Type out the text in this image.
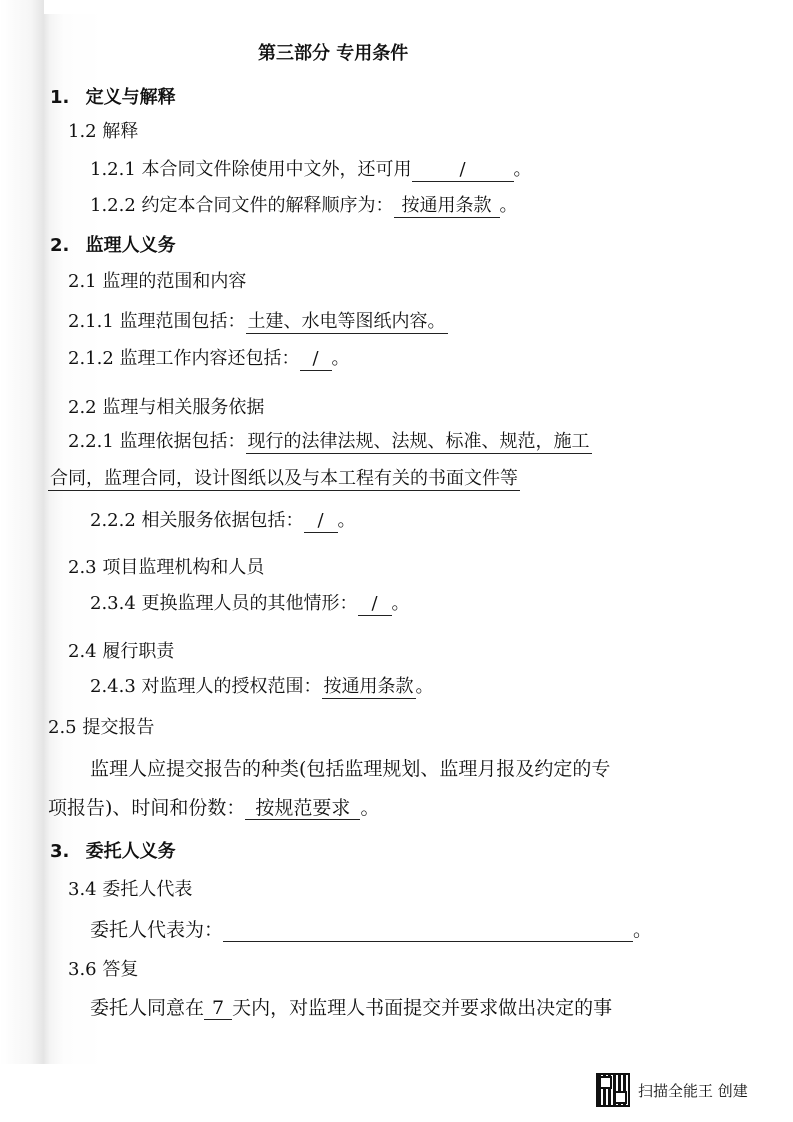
第三部分 专用条件
1. 定义与解释
1.2 解释
1.2.1 本合同文件除使用中文外，还可用	/	。
1.2.2 约定本合同文件的解释顺序为： 按通用条款 。
2. 监理人义务
2.1 监理的范围和内容
2.1.1 监理范围包括： 土建、水电等图纸内容。
2.1.2 监理工作内容还包括： / 。
2.2 监理与相关服务依据
2.2.1 监理依据包括： 现行的法律法规、法规、标准、规范，施工
合同，监理合同，设计图纸以及与本工程有关的书面文件等
2.2.2 相关服务依据包括： / 。
2.3 项目监理机构和人员
2.3.4 更换监理人员的其他情形： / 。
2.4 履行职责
2.4.3 对监理人的授权范围： 按通用条款 。
2.5 提交报告
监理人应提交报告的种类(包括监理规划、监理月报及约定的专
项报告)、时间和份数： 按规范要求 。
3. 委托人义务
3.4 委托人代表
委托人代表为：	。
3.6 答复
委托人同意在 7 天内，对监理人书面提交并要求做出决定的事
扫描全能王 创建
